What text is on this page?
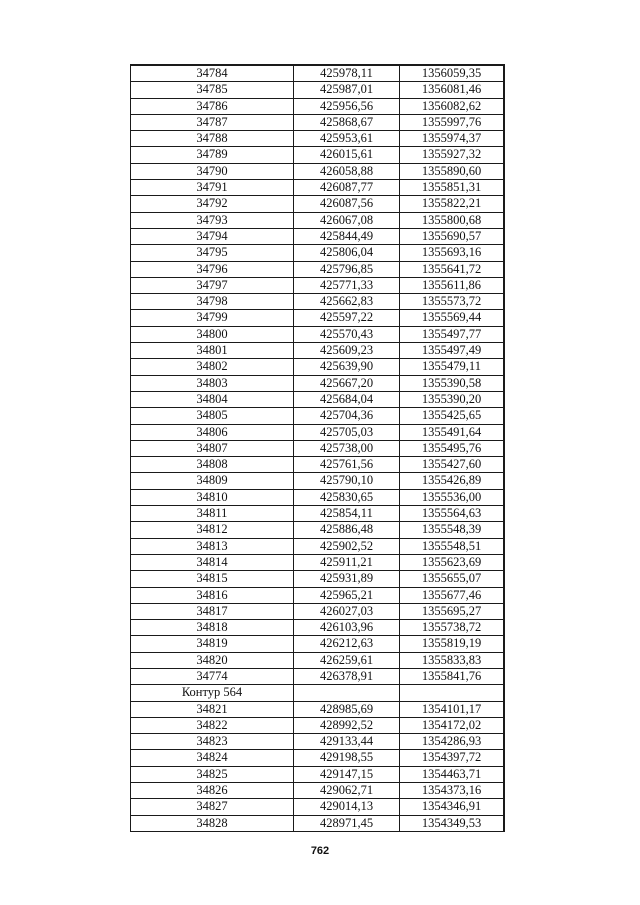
34784	425978,11	1356059,35
34785	425987,01	1356081,46
34786	425956,56	1356082,62
34787	425868,67	1355997,76
34788	425953,61	1355974,37
34789	426015,61	1355927,32
34790	426058,88	1355890,60
34791	426087,77	1355851,31
34792	426087,56	1355822,21
34793	426067,08	1355800,68
34794	425844,49	1355690,57
34795	425806,04	1355693,16
34796	425796,85	1355641,72
34797	425771,33	1355611,86
34798	425662,83	1355573,72
34799	425597,22	1355569,44
34800	425570,43	1355497,77
34801	425609,23	1355497,49
34802	425639,90	1355479,11
34803	425667,20	1355390,58
34804	425684,04	1355390,20
34805	425704,36	1355425,65
34806	425705,03	1355491,64
34807	425738,00	1355495,76
34808	425761,56	1355427,60
34809	425790,10	1355426,89
34810	425830,65	1355536,00
34811	425854,11	1355564,63
34812	425886,48	1355548,39
34813	425902,52	1355548,51
34814	425911,21	1355623,69
34815	425931,89	1355655,07
34816	425965,21	1355677,46
34817	426027,03	1355695,27
34818	426103,96	1355738,72
34819	426212,63	1355819,19
34820	426259,61	1355833,83
34774	426378,91	1355841,76
Контур 564		
34821	428985,69	1354101,17
34822	428992,52	1354172,02
34823	429133,44	1354286,93
34824	429198,55	1354397,72
34825	429147,15	1354463,71
34826	429062,71	1354373,16
34827	429014,13	1354346,91
34828	428971,45	1354349,53
762
